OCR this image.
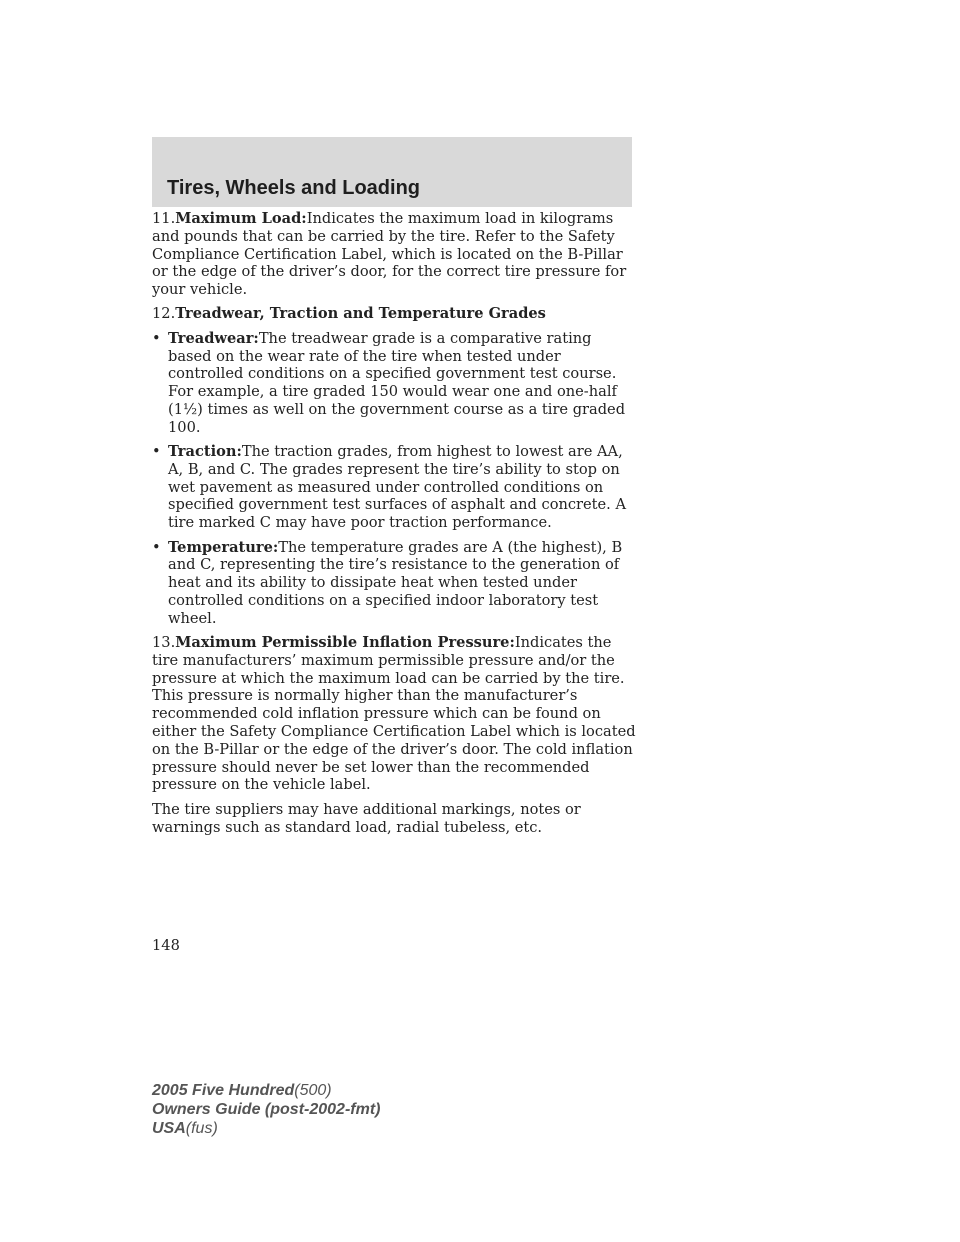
Tires, Wheels and Loading

11.Maximum Load:Indicates the maximum load in kilograms and pounds that can be carried by the tire. Refer to the Safety Compliance Certification Label, which is located on the B-Pillar or the edge of the driver’s door, for the correct tire pressure for your vehicle.

12.Treadwear, Traction and Temperature Grades

• Treadwear:The treadwear grade is a comparative rating based on the wear rate of the tire when tested under controlled conditions on a specified government test course. For example, a tire graded 150 would wear one and one-half (1½) times as well on the government course as a tire graded 100.
• Traction:The traction grades, from highest to lowest are AA, A, B, and C. The grades represent the tire’s ability to stop on wet pavement as measured under controlled conditions on specified government test surfaces of asphalt and concrete. A tire marked C may have poor traction performance.
• Temperature:The temperature grades are A (the highest), B and C, representing the tire’s resistance to the generation of heat and its ability to dissipate heat when tested under controlled conditions on a specified indoor laboratory test wheel.

13.Maximum Permissible Inflation Pressure:Indicates the tire manufacturers’ maximum permissible pressure and/or the pressure at which the maximum load can be carried by the tire. This pressure is normally higher than the manufacturer’s recommended cold inflation pressure which can be found on either the Safety Compliance Certification Label which is located on the B-Pillar or the edge of the driver’s door. The cold inflation pressure should never be set lower than the recommended pressure on the vehicle label.

The tire suppliers may have additional markings, notes or warnings such as standard load, radial tubeless, etc.

148
2005 Five Hundred(500)
Owners Guide (post-2002-fmt)
USA(fus)
